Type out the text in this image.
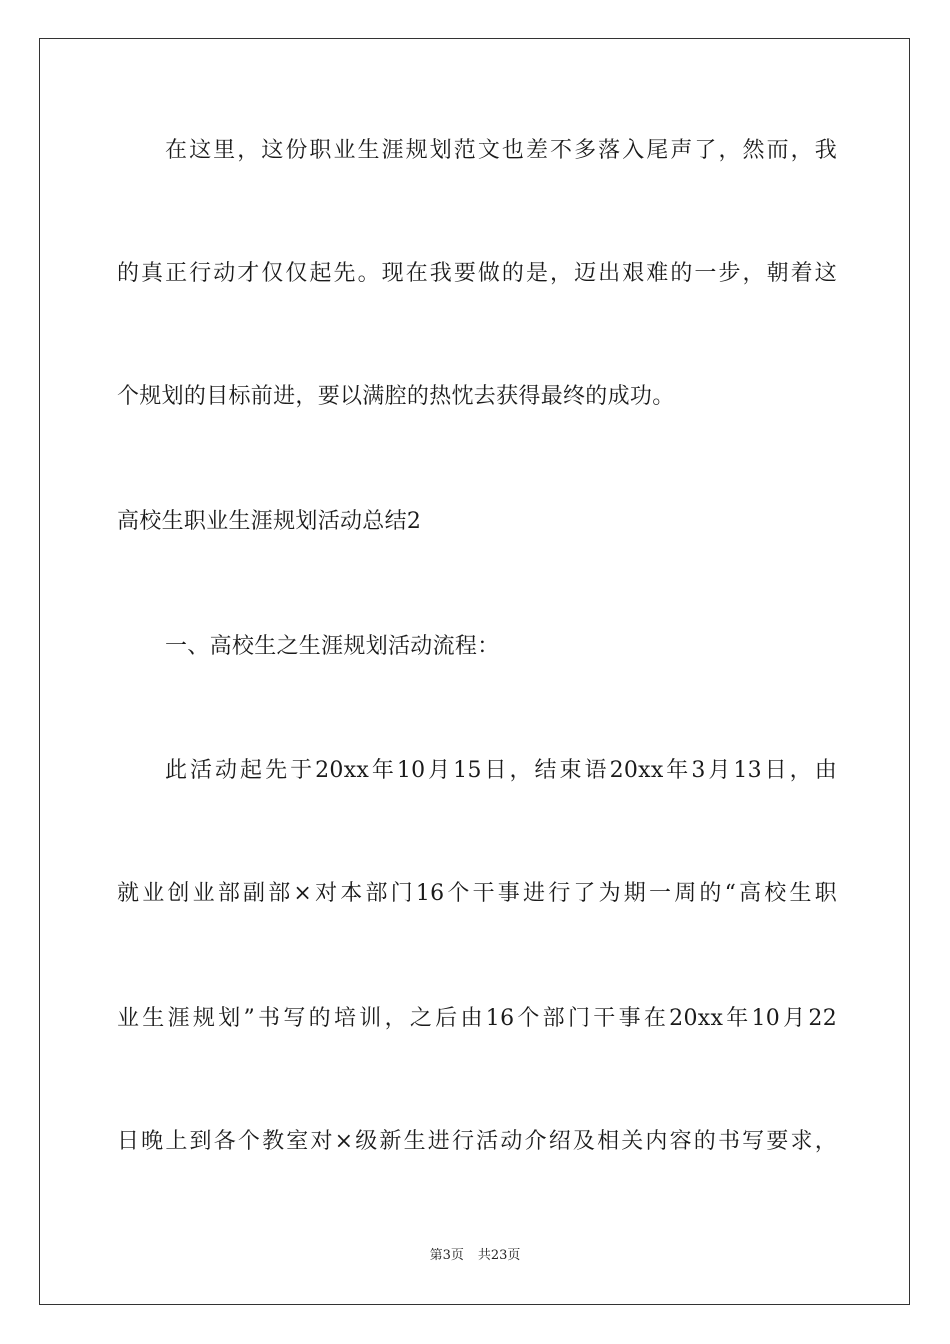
在这里，这份职业生涯规划范文也差不多落入尾声了，然而，我
的真正行动才仅仅起先。现在我要做的是，迈出艰难的一步，朝着这
个规划的目标前进，要以满腔的热忱去获得最终的成功。
高校生职业生涯规划活动总结2
一、高校生之生涯规划活动流程：
此活动起先于20xx年10月15日，结束语20xx年3月13日，由
就业创业部副部×对本部门16个干事进行了为期一周的“高校生职
业生涯规划”书写的培训，之后由16个部门干事在20xx年10月22
日晚上到各个教室对×级新生进行活动介绍及相关内容的书写要求，
第3页 共23页
